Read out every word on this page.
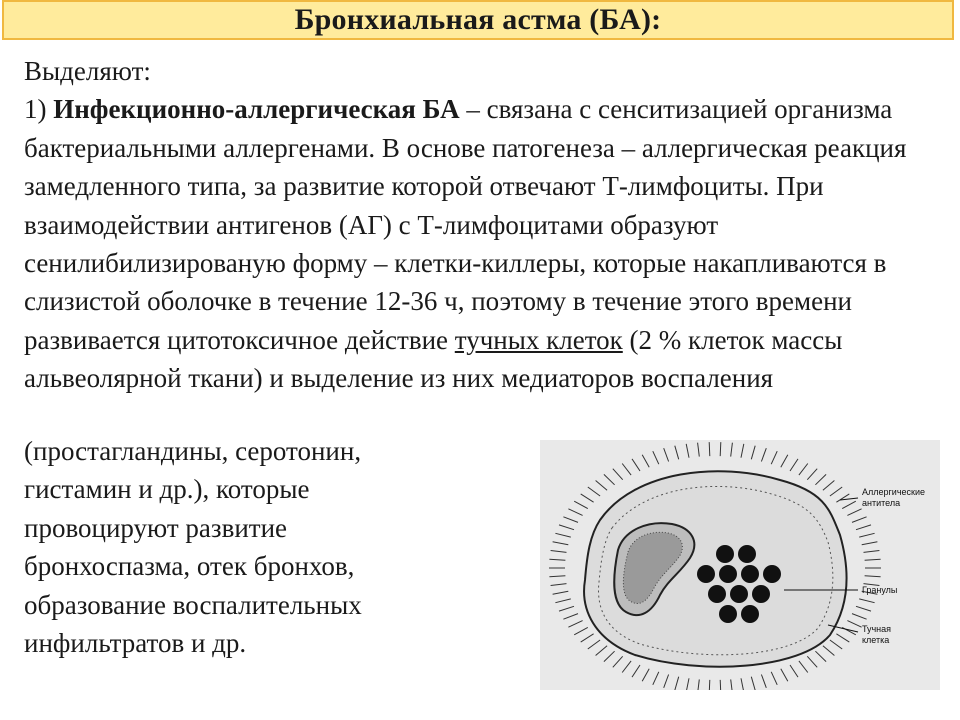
Бронхиальная астма (БА):

Выделяют:

1) Инфекционно-аллергическая БА – связана с сенситизацией организма бактериальными аллергенами. В основе патогенеза – аллергическая реакция замедленного типа, за развитие которой отвечают Т-лимфоциты. При взаимодействии антигенов (АГ) с Т-лимфоцитами образуют сенилибилизированую форму – клетки-киллеры, которые накапливаются в слизистой оболочке в течение 12-36 ч, поэтому в течение этого времени развивается цитотоксичное действие тучных клеток (2 % клеток массы альвеолярной ткани) и выделение из них медиаторов воспаления

(простагландины, серотонин,
гистамин и др.), которые
провоцируют развитие
бронхоспазма, отек бронхов,
образование воспалительных
инфильтратов и др.
Аллергические
антитела
Гранулы
Тучная
клетка
